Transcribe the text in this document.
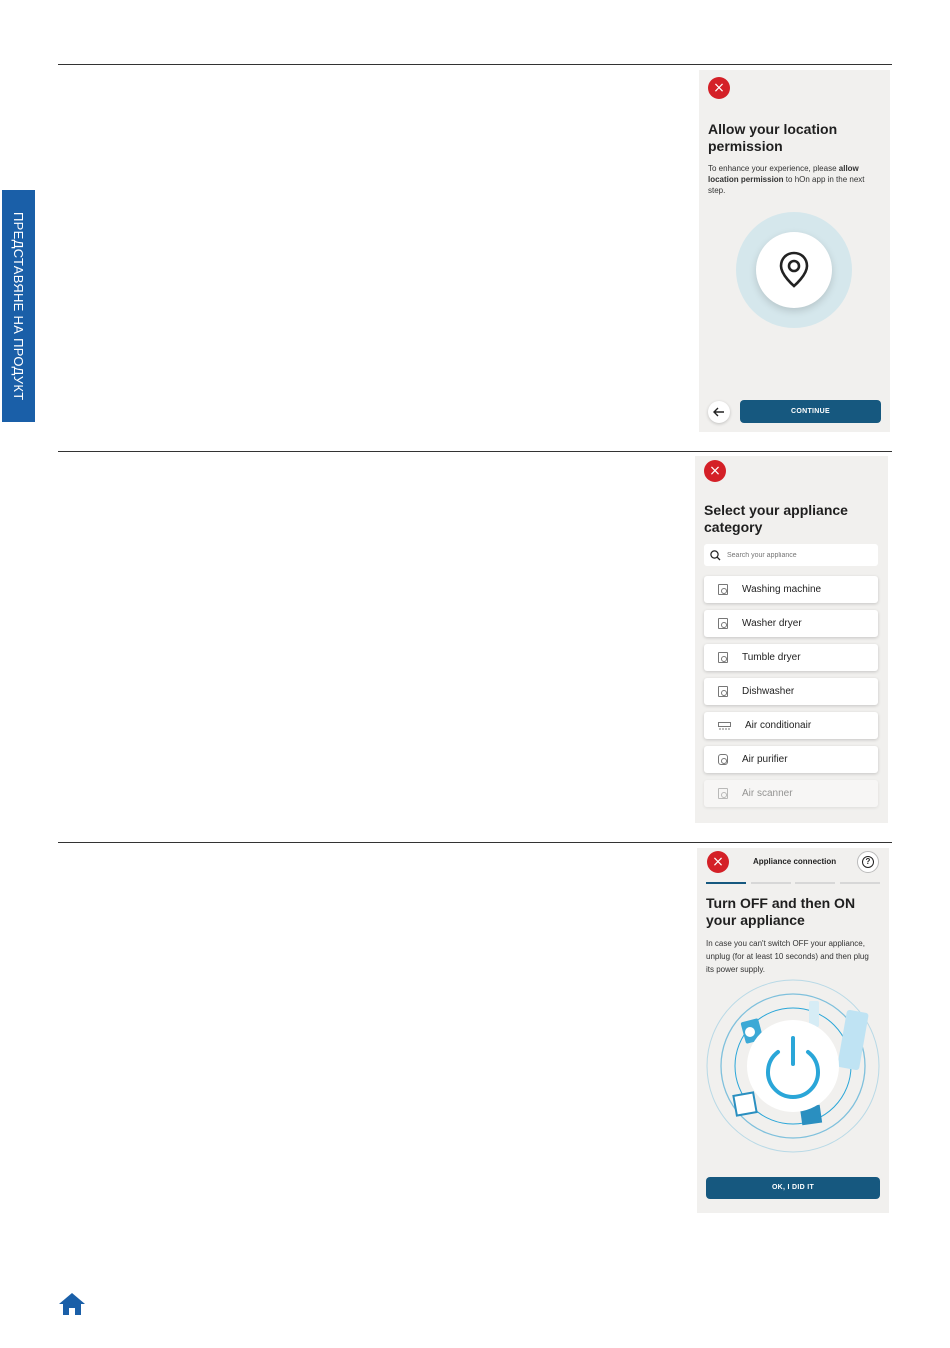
ПРЕДСТАВЯНЕ НА ПРОДУКТ
×
Allow your location permission
To enhance your experience, please allow location permission to hOn app in the next step.
CONTINUE
×
Select your appliance category
Search your appliance
Washing machine
Washer dryer
Tumble dryer
Dishwasher
Air conditionair
Air purifier
Air scanner
×	Appliance connection	?
Turn OFF and then ON your appliance
In case you can't switch OFF your appliance, unplug (for at least 10 seconds) and then plug its power supply.
OK, I DID IT
